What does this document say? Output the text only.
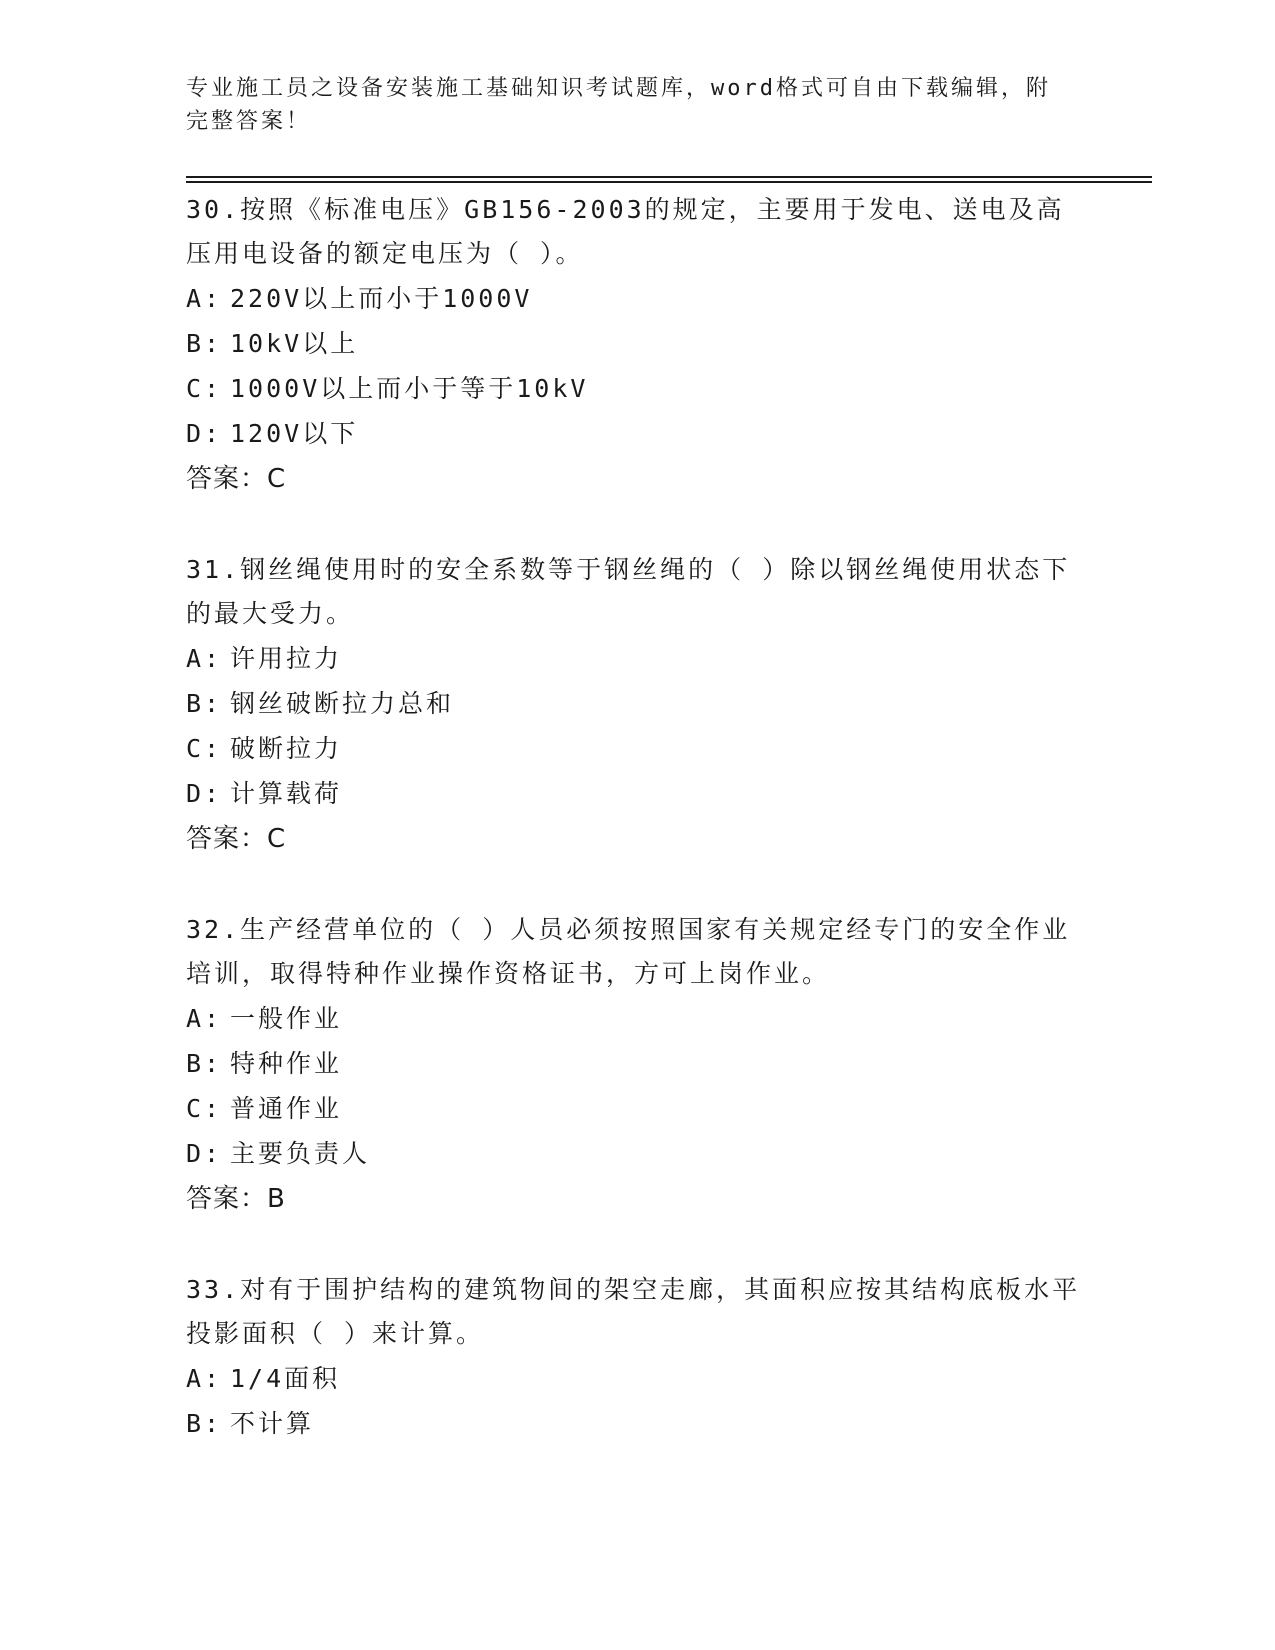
专业施工员之设备安装施工基础知识考试题库，word格式可自由下载编辑，附完整答案！
30.按照《标准电压》GB156-2003的规定，主要用于发电、送电及高压用电设备的额定电压为（ ）。
A: 220V以上而小于1000V
B: 10kV以上
C: 1000V以上而小于等于10kV
D: 120V以下
答案：C
31.钢丝绳使用时的安全系数等于钢丝绳的（ ）除以钢丝绳使用状态下的最大受力。
A: 许用拉力
B: 钢丝破断拉力总和
C: 破断拉力
D: 计算载荷
答案：C
32.生产经营单位的（ ）人员必须按照国家有关规定经专门的安全作业培训，取得特种作业操作资格证书，方可上岗作业。
A: 一般作业
B: 特种作业
C: 普通作业
D: 主要负责人
答案：B
33.对有于围护结构的建筑物间的架空走廊，其面积应按其结构底板水平投影面积（ ）来计算。
A: 1/4面积
B: 不计算
